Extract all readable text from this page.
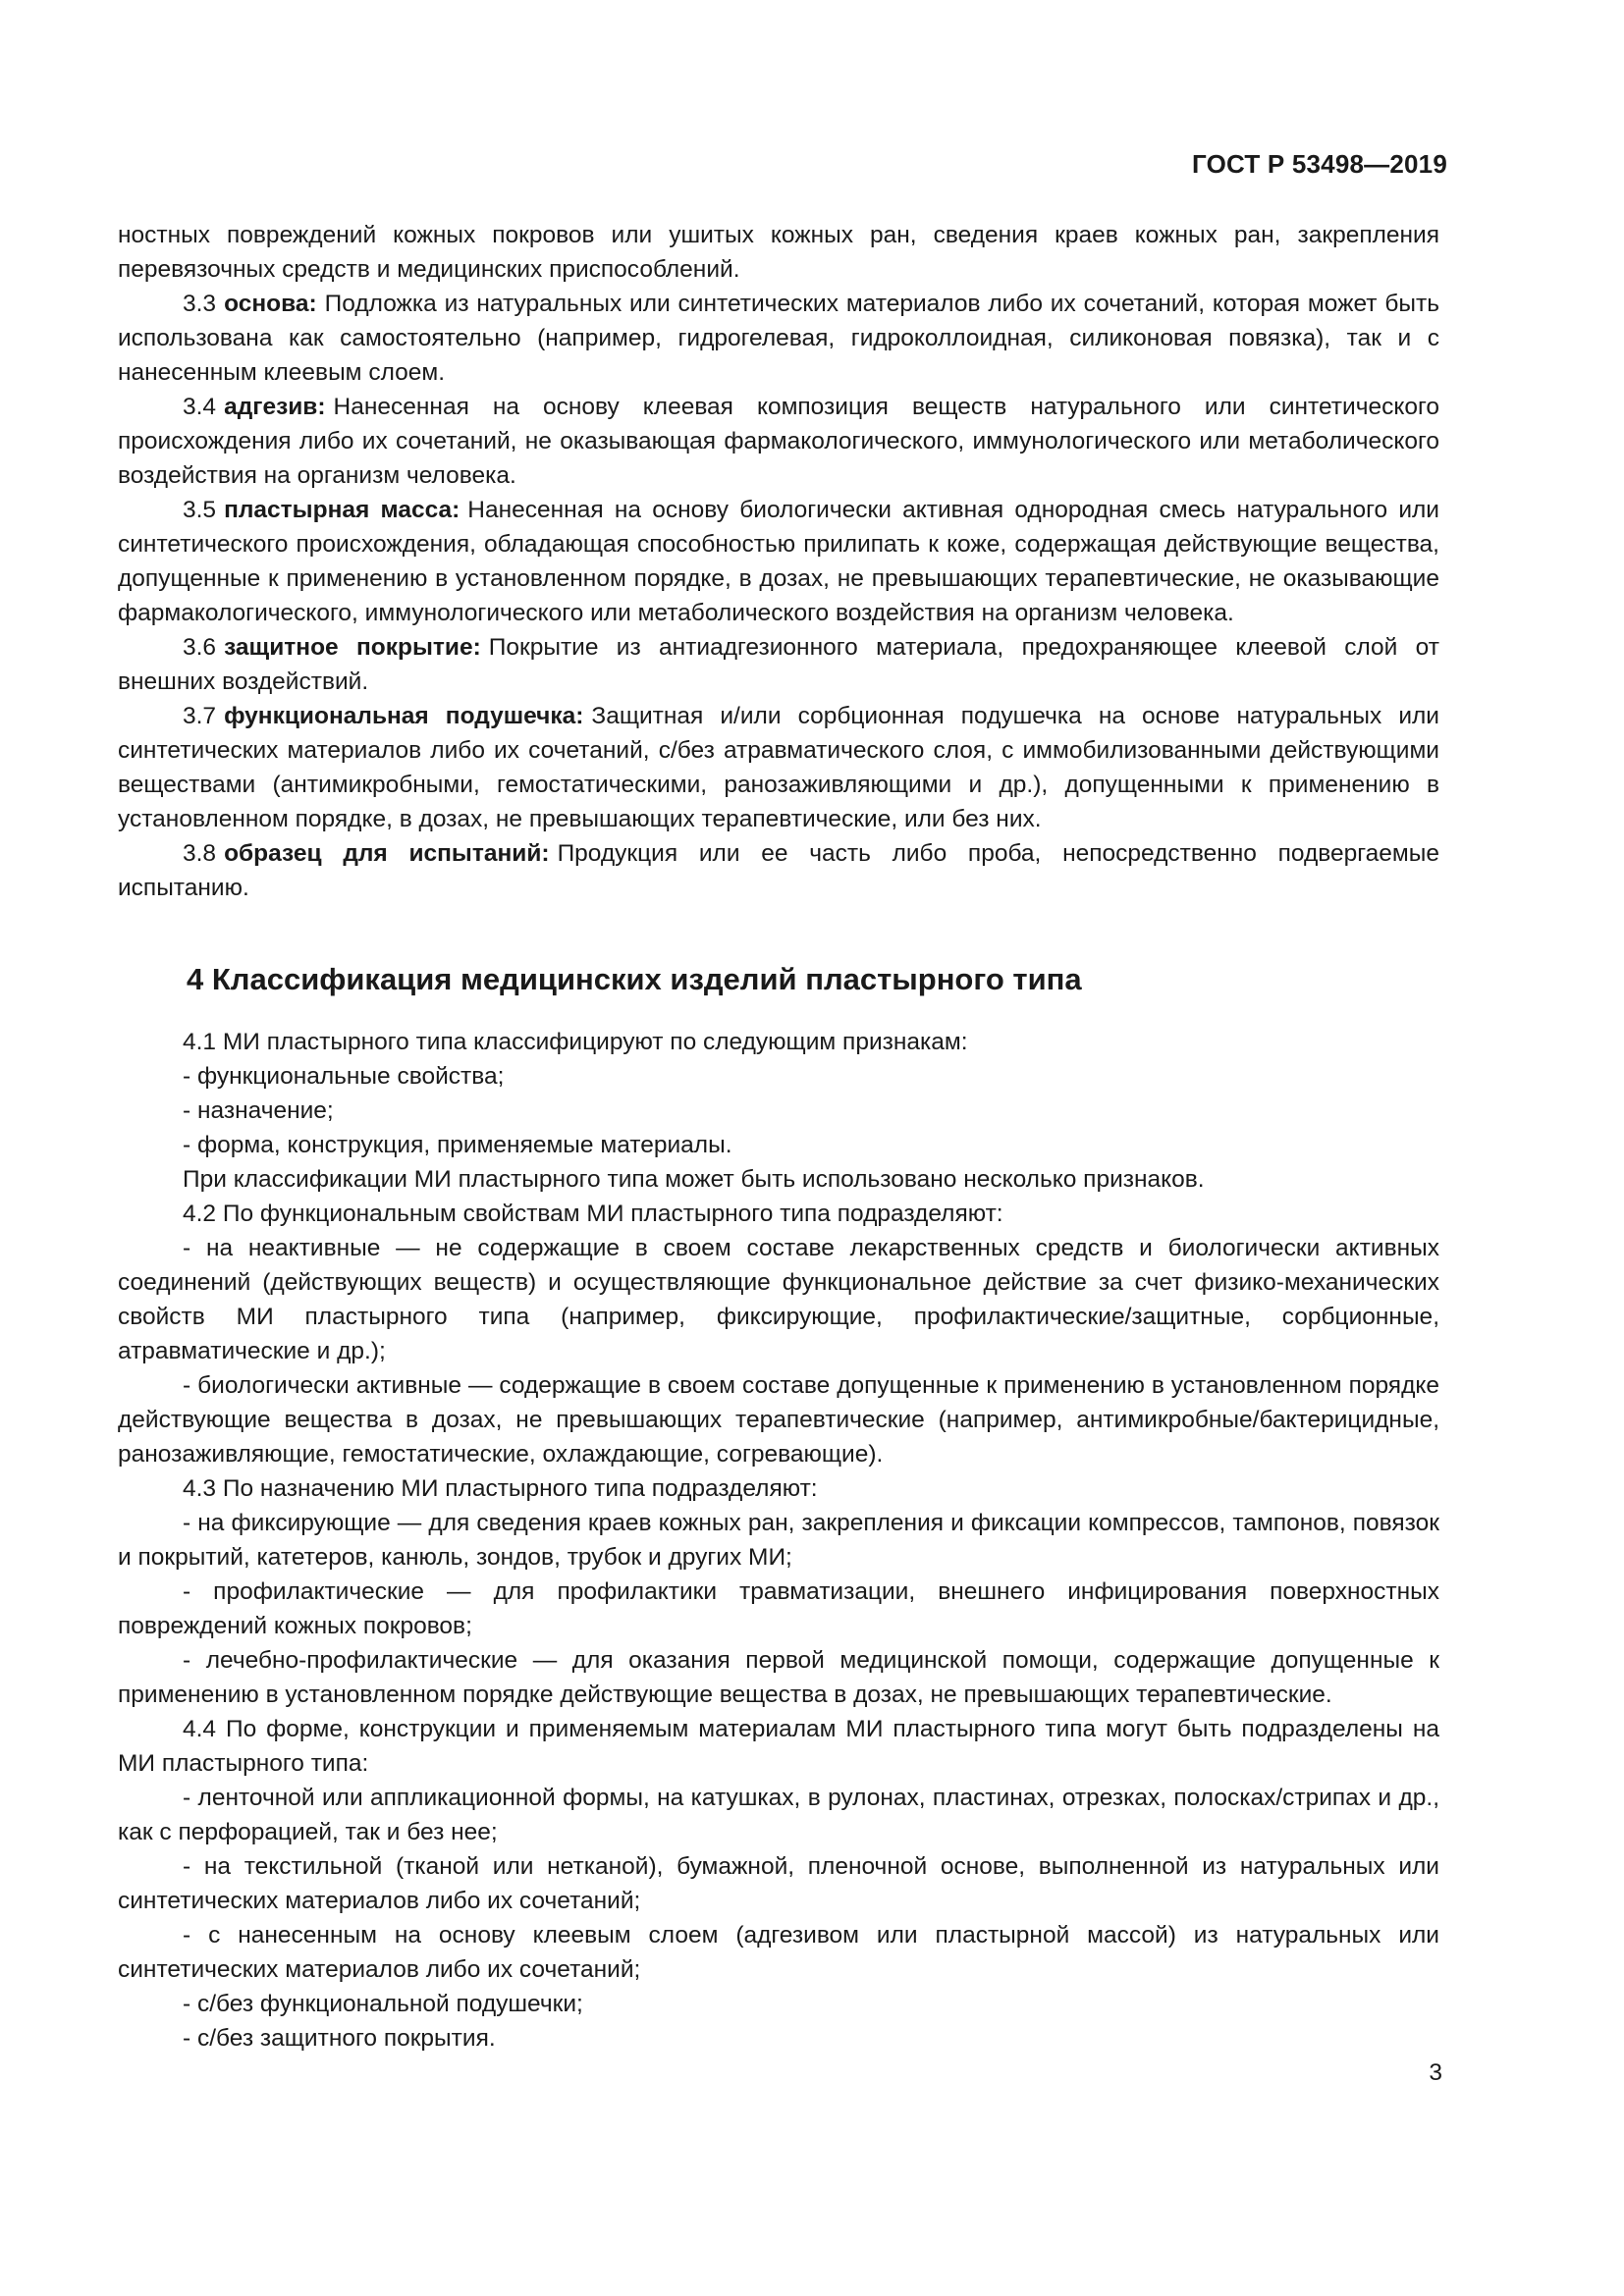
ГОСТ Р 53498—2019

ностных повреждений кожных покровов или ушитых кожных ран, сведения краев кожных ран, закрепления перевязочных средств и медицинских приспособлений.

3.3 основа: Подложка из натуральных или синтетических материалов либо их сочетаний, которая может быть использована как самостоятельно (например, гидрогелевая, гидроколлоидная, силиконовая повязка), так и с нанесенным клеевым слоем.

3.4 адгезив: Нанесенная на основу клеевая композиция веществ натурального или синтетического происхождения либо их сочетаний, не оказывающая фармакологического, иммунологического или метаболического воздействия на организм человека.

3.5 пластырная масса: Нанесенная на основу биологически активная однородная смесь натурального или синтетического происхождения, обладающая способностью прилипать к коже, содержащая действующие вещества, допущенные к применению в установленном порядке, в дозах, не превышающих терапевтические, не оказывающие фармакологического, иммунологического или метаболического воздействия на организм человека.

3.6 защитное покрытие: Покрытие из антиадгезионного материала, предохраняющее клеевой слой от внешних воздействий.

3.7 функциональная подушечка: Защитная и/или сорбционная подушечка на основе натуральных или синтетических материалов либо их сочетаний, с/без атравматического слоя, с иммобилизованными действующими веществами (антимикробными, гемостатическими, ранозаживляющими и др.), допущенными к применению в установленном порядке, в дозах, не превышающих терапевтические, или без них.

3.8 образец для испытаний: Продукция или ее часть либо проба, непосредственно подвергаемые испытанию.

4 Классификация медицинских изделий пластырного типа

4.1 МИ пластырного типа классифицируют по следующим признакам:

- функциональные свойства;

- назначение;

- форма, конструкция, применяемые материалы.

При классификации МИ пластырного типа может быть использовано несколько признаков.

4.2 По функциональным свойствам МИ пластырного типа подразделяют:

- на неактивные — не содержащие в своем составе лекарственных средств и биологически активных соединений (действующих веществ) и осуществляющие функциональное действие за счет физико-механических свойств МИ пластырного типа (например, фиксирующие, профилактические/защитные, сорбционные, атравматические и др.);

- биологически активные — содержащие в своем составе допущенные к применению в установленном порядке действующие вещества в дозах, не превышающих терапевтические (например, антимикробные/бактерицидные, ранозаживляющие, гемостатические, охлаждающие, согревающие).

4.3 По назначению МИ пластырного типа подразделяют:

- на фиксирующие — для сведения краев кожных ран, закрепления и фиксации компрессов, тампонов, повязок и покрытий, катетеров, канюль, зондов, трубок и других МИ;

- профилактические — для профилактики травматизации, внешнего инфицирования поверхностных повреждений кожных покровов;

- лечебно-профилактические — для оказания первой медицинской помощи, содержащие допущенные к применению в установленном порядке действующие вещества в дозах, не превышающих терапевтические.

4.4 По форме, конструкции и применяемым материалам МИ пластырного типа могут быть подразделены на МИ пластырного типа:

- ленточной или аппликационной формы, на катушках, в рулонах, пластинах, отрезках, полосках/стрипах и др., как с перфорацией, так и без нее;

- на текстильной (тканой или нетканой), бумажной, пленочной основе, выполненной из натуральных или синтетических материалов либо их сочетаний;

- с нанесенным на основу клеевым слоем (адгезивом или пластырной массой) из натуральных или синтетических материалов либо их сочетаний;

- с/без функциональной подушечки;

- с/без защитного покрытия.

3
